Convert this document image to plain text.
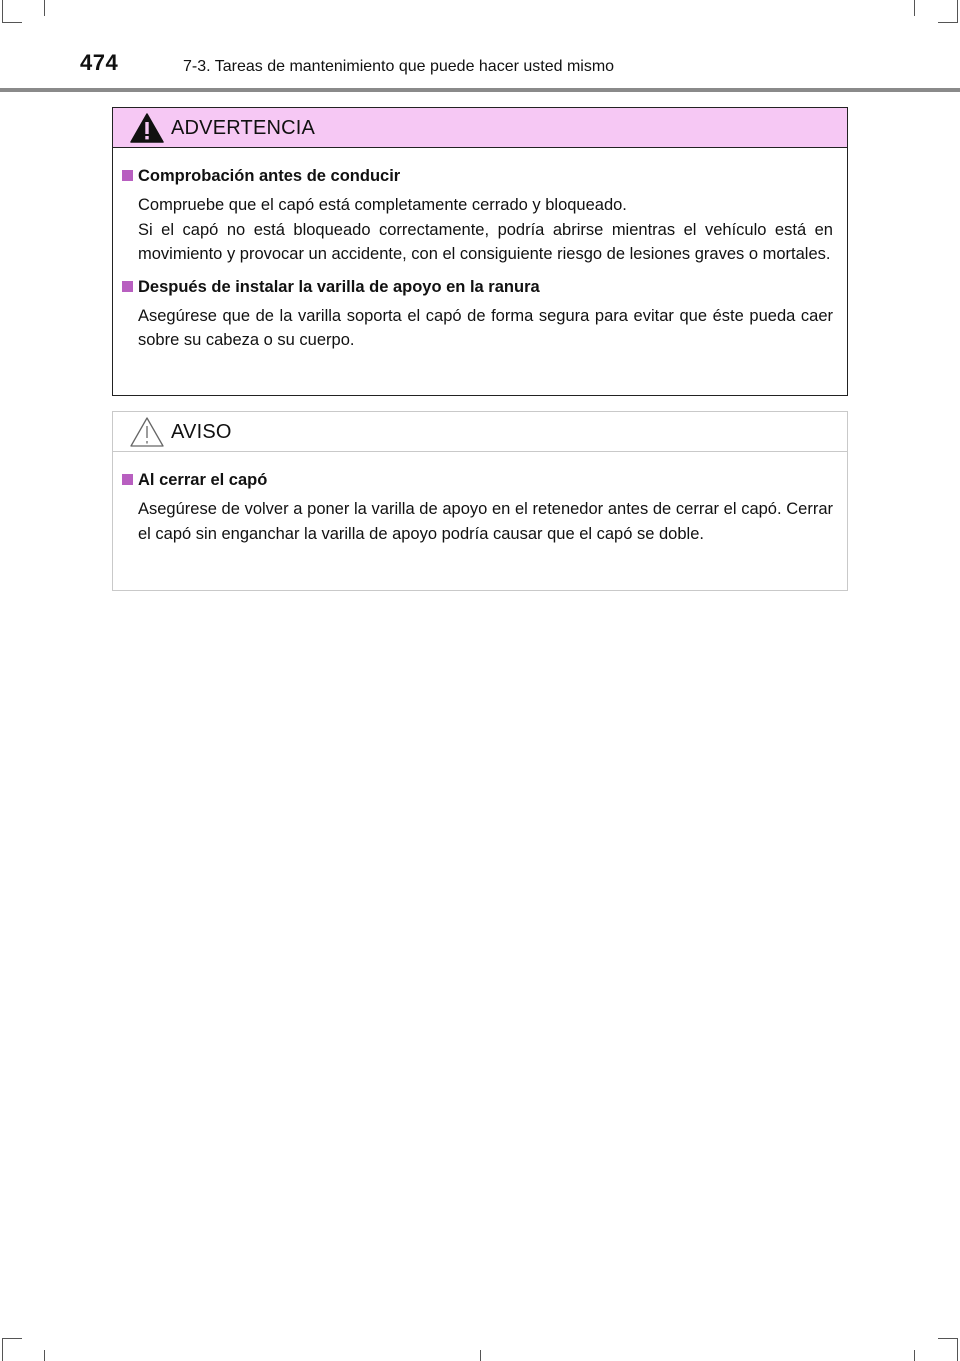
474	7-3. Tareas de mantenimiento que puede hacer usted mismo
ADVERTENCIA
Comprobación antes de conducir

Compruebe que el capó está completamente cerrado y bloqueado.

Si el capó no está bloqueado correctamente, podría abrirse mientras el vehículo está en movimiento y provocar un accidente, con el consiguiente riesgo de lesiones graves o mortales.

Después de instalar la varilla de apoyo en la ranura

Asegúrese que de la varilla soporta el capó de forma segura para evitar que éste pueda caer sobre su cabeza o su cuerpo.

AVISO
Al cerrar el capó

Asegúrese de volver a poner la varilla de apoyo en el retenedor antes de cerrar el capó. Cerrar el capó sin enganchar la varilla de apoyo podría causar que el capó se doble.
